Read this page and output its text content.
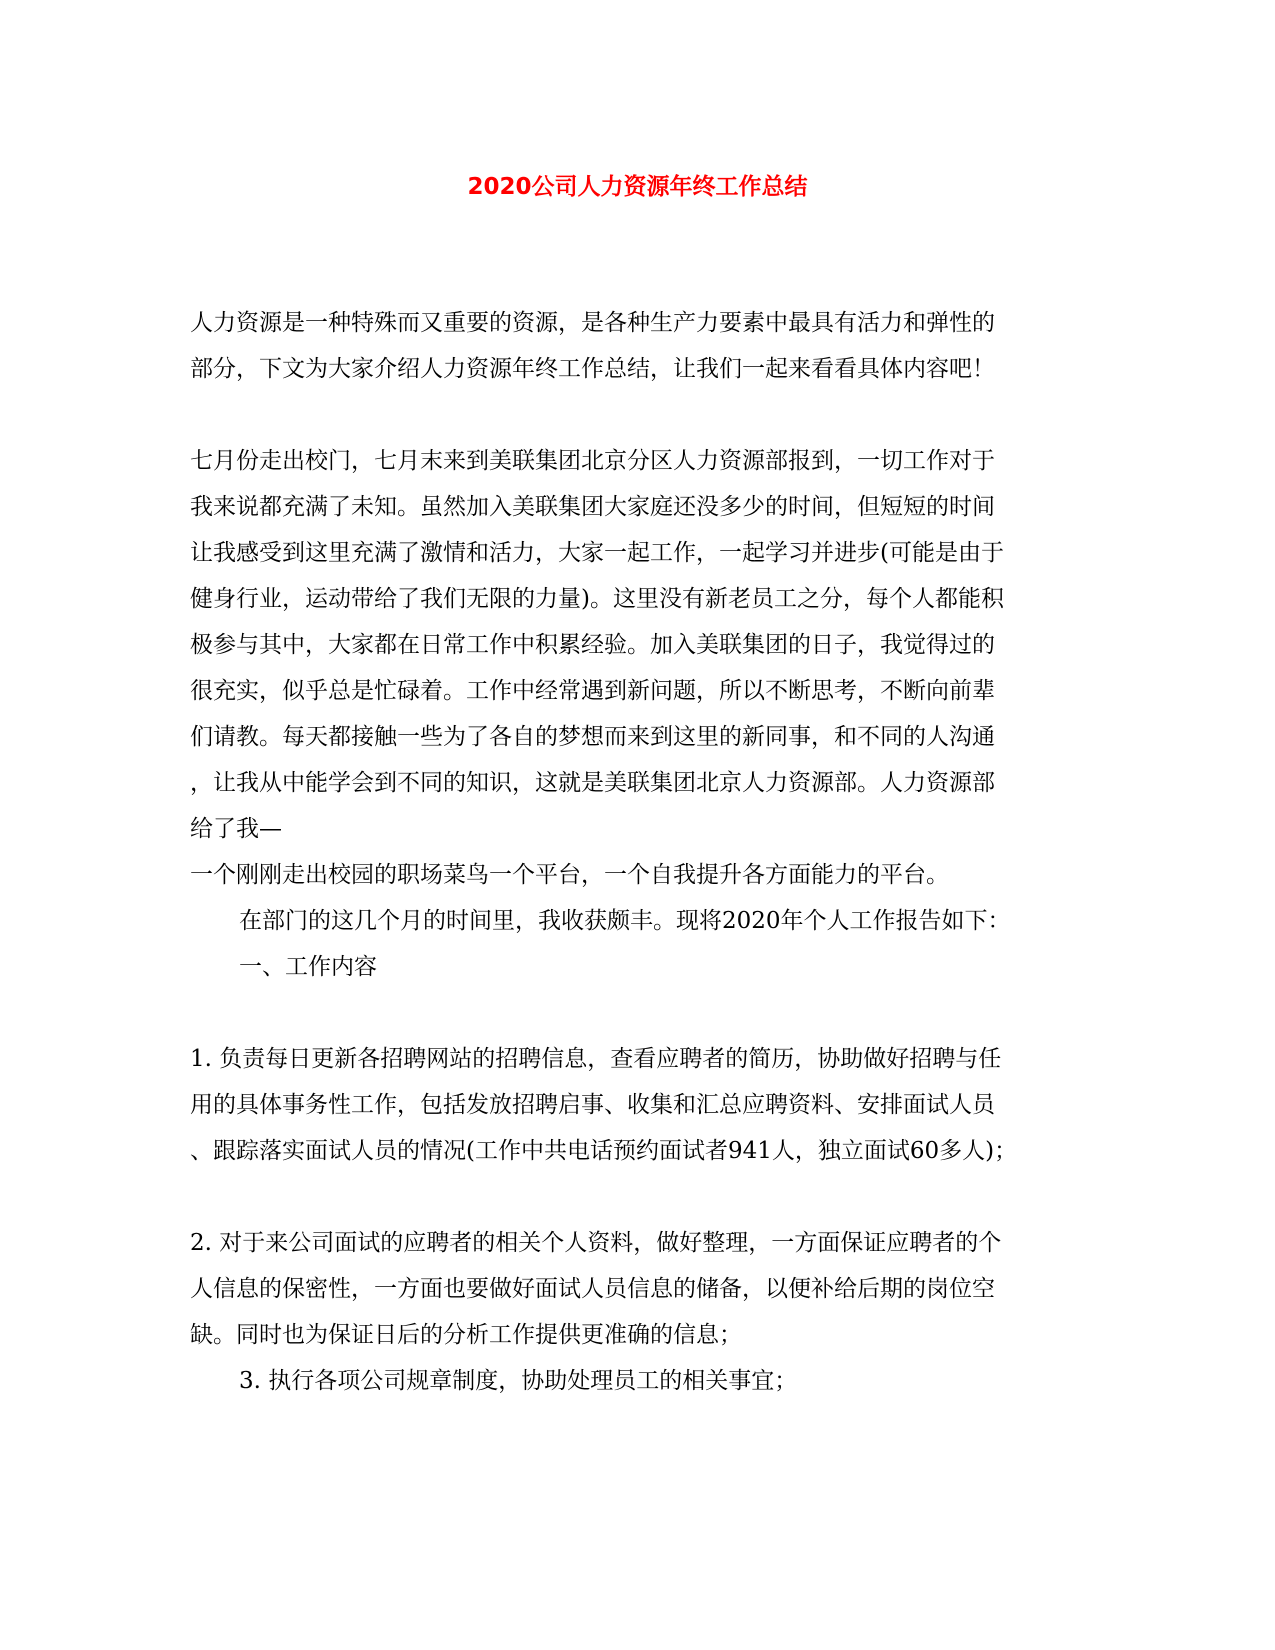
2020公司人力资源年终工作总结
人力资源是一种特殊而又重要的资源，是各种生产力要素中最具有活力和弹性的
部分，下文为大家介绍人力资源年终工作总结，让我们一起来看看具体内容吧！
七月份走出校门，七月末来到美联集团北京分区人力资源部报到，一切工作对于
我来说都充满了未知。虽然加入美联集团大家庭还没多少的时间，但短短的时间
让我感受到这里充满了激情和活力，大家一起工作，一起学习并进步(可能是由于
健身行业，运动带给了我们无限的力量)。这里没有新老员工之分，每个人都能积
极参与其中，大家都在日常工作中积累经验。加入美联集团的日子，我觉得过的
很充实，似乎总是忙碌着。工作中经常遇到新问题，所以不断思考，不断向前辈
们请教。每天都接触一些为了各自的梦想而来到这里的新同事，和不同的人沟通
，让我从中能学会到不同的知识，这就是美联集团北京人力资源部。人力资源部
给了我—
一个刚刚走出校园的职场菜鸟一个平台，一个自我提升各方面能力的平台。
在部门的这几个月的时间里，我收获颇丰。现将2020年个人工作报告如下：
一、工作内容
1. 负责每日更新各招聘网站的招聘信息，查看应聘者的简历，协助做好招聘与任
用的具体事务性工作，包括发放招聘启事、收集和汇总应聘资料、安排面试人员
、跟踪落实面试人员的情况(工作中共电话预约面试者941人，独立面试60多人)；
2. 对于来公司面试的应聘者的相关个人资料，做好整理，一方面保证应聘者的个
人信息的保密性，一方面也要做好面试人员信息的储备，以便补给后期的岗位空
缺。同时也为保证日后的分析工作提供更准确的信息；
3. 执行各项公司规章制度，协助处理员工的相关事宜；
